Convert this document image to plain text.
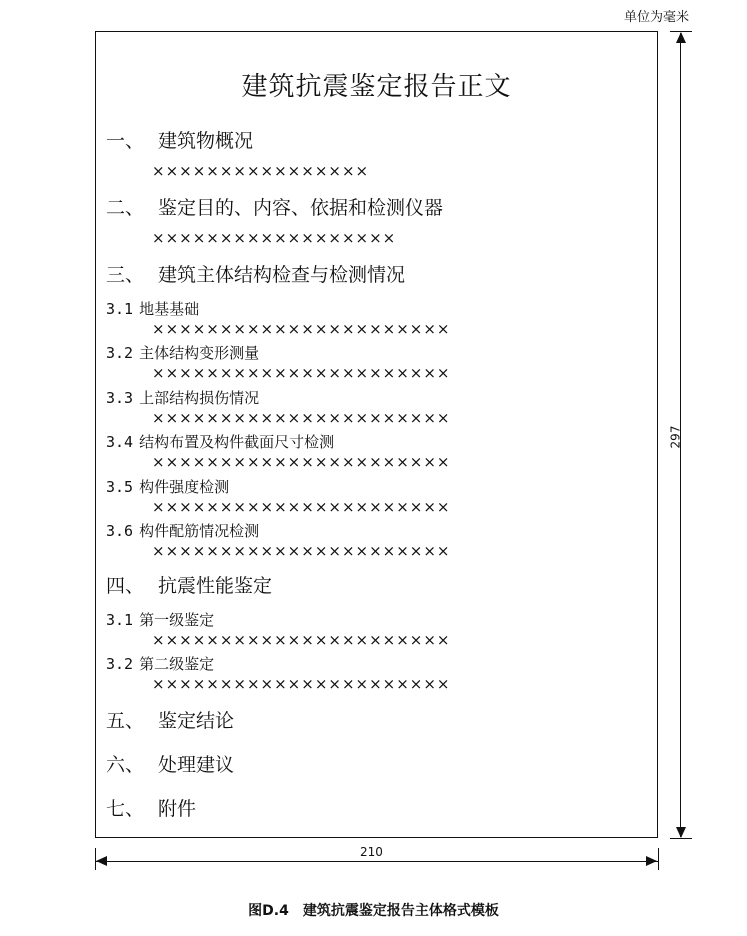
单位为毫米
建筑抗震鉴定报告正文
一、 建筑物概况
××××××××××××××××
二、 鉴定目的、内容、依据和检测仪器
××××××××××××××××××
三、 建筑主体结构检查与检测情况
3.1 地基基础
××××××××××××××××××××××
3.2 主体结构变形测量
××××××××××××××××××××××
3.3 上部结构损伤情况
××××××××××××××××××××××
3.4 结构布置及构件截面尺寸检测
××××××××××××××××××××××
3.5 构件强度检测
××××××××××××××××××××××
3.6 构件配筋情况检测
××××××××××××××××××××××
四、 抗震性能鉴定
3.1 第一级鉴定
××××××××××××××××××××××
3.2 第二级鉴定
××××××××××××××××××××××
五、 鉴定结论
六、 处理建议
七、 附件
297
210
图D.4　建筑抗震鉴定报告主体格式模板
